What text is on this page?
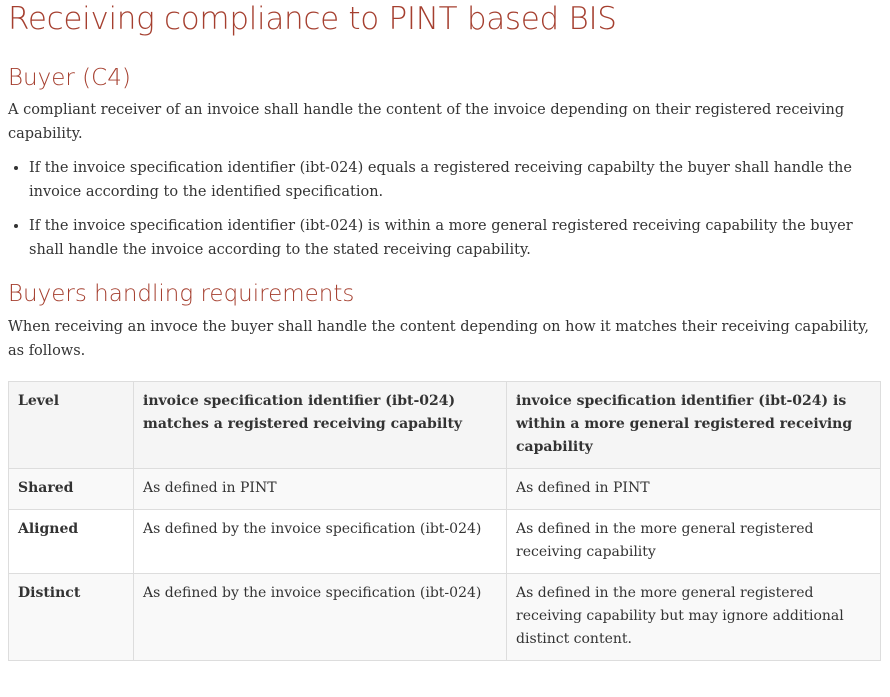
Receiving compliance to PINT based BIS
Buyer (C4)

A compliant receiver of an invoice shall handle the content of the invoice depending on their registered receiving capability.

• If the invoice specification identifier (ibt-024) equals a registered receiving capabilty the buyer shall handle the invoice according to the identified specification.
• If the invoice specification identifier (ibt-024) is within a more general registered receiving capability the buyer shall handle the invoice according to the stated receiving capability.
Buyers handling requirements

When receiving an invoce the buyer shall handle the content depending on how it matches their receiving capability, as follows.

Level	invoice specification identifier (ibt-024) matches a registered receiving capabilty	invoice specification identifier (ibt-024) is within a more general registered receiving capability
Shared	As defined in PINT	As defined in PINT
Aligned	As defined by the invoice specification (ibt-024)	As defined in the more general registered receiving capability
Distinct	As defined by the invoice specification (ibt-024)	As defined in the more general registered receiving capability but may ignore additional distinct content.
